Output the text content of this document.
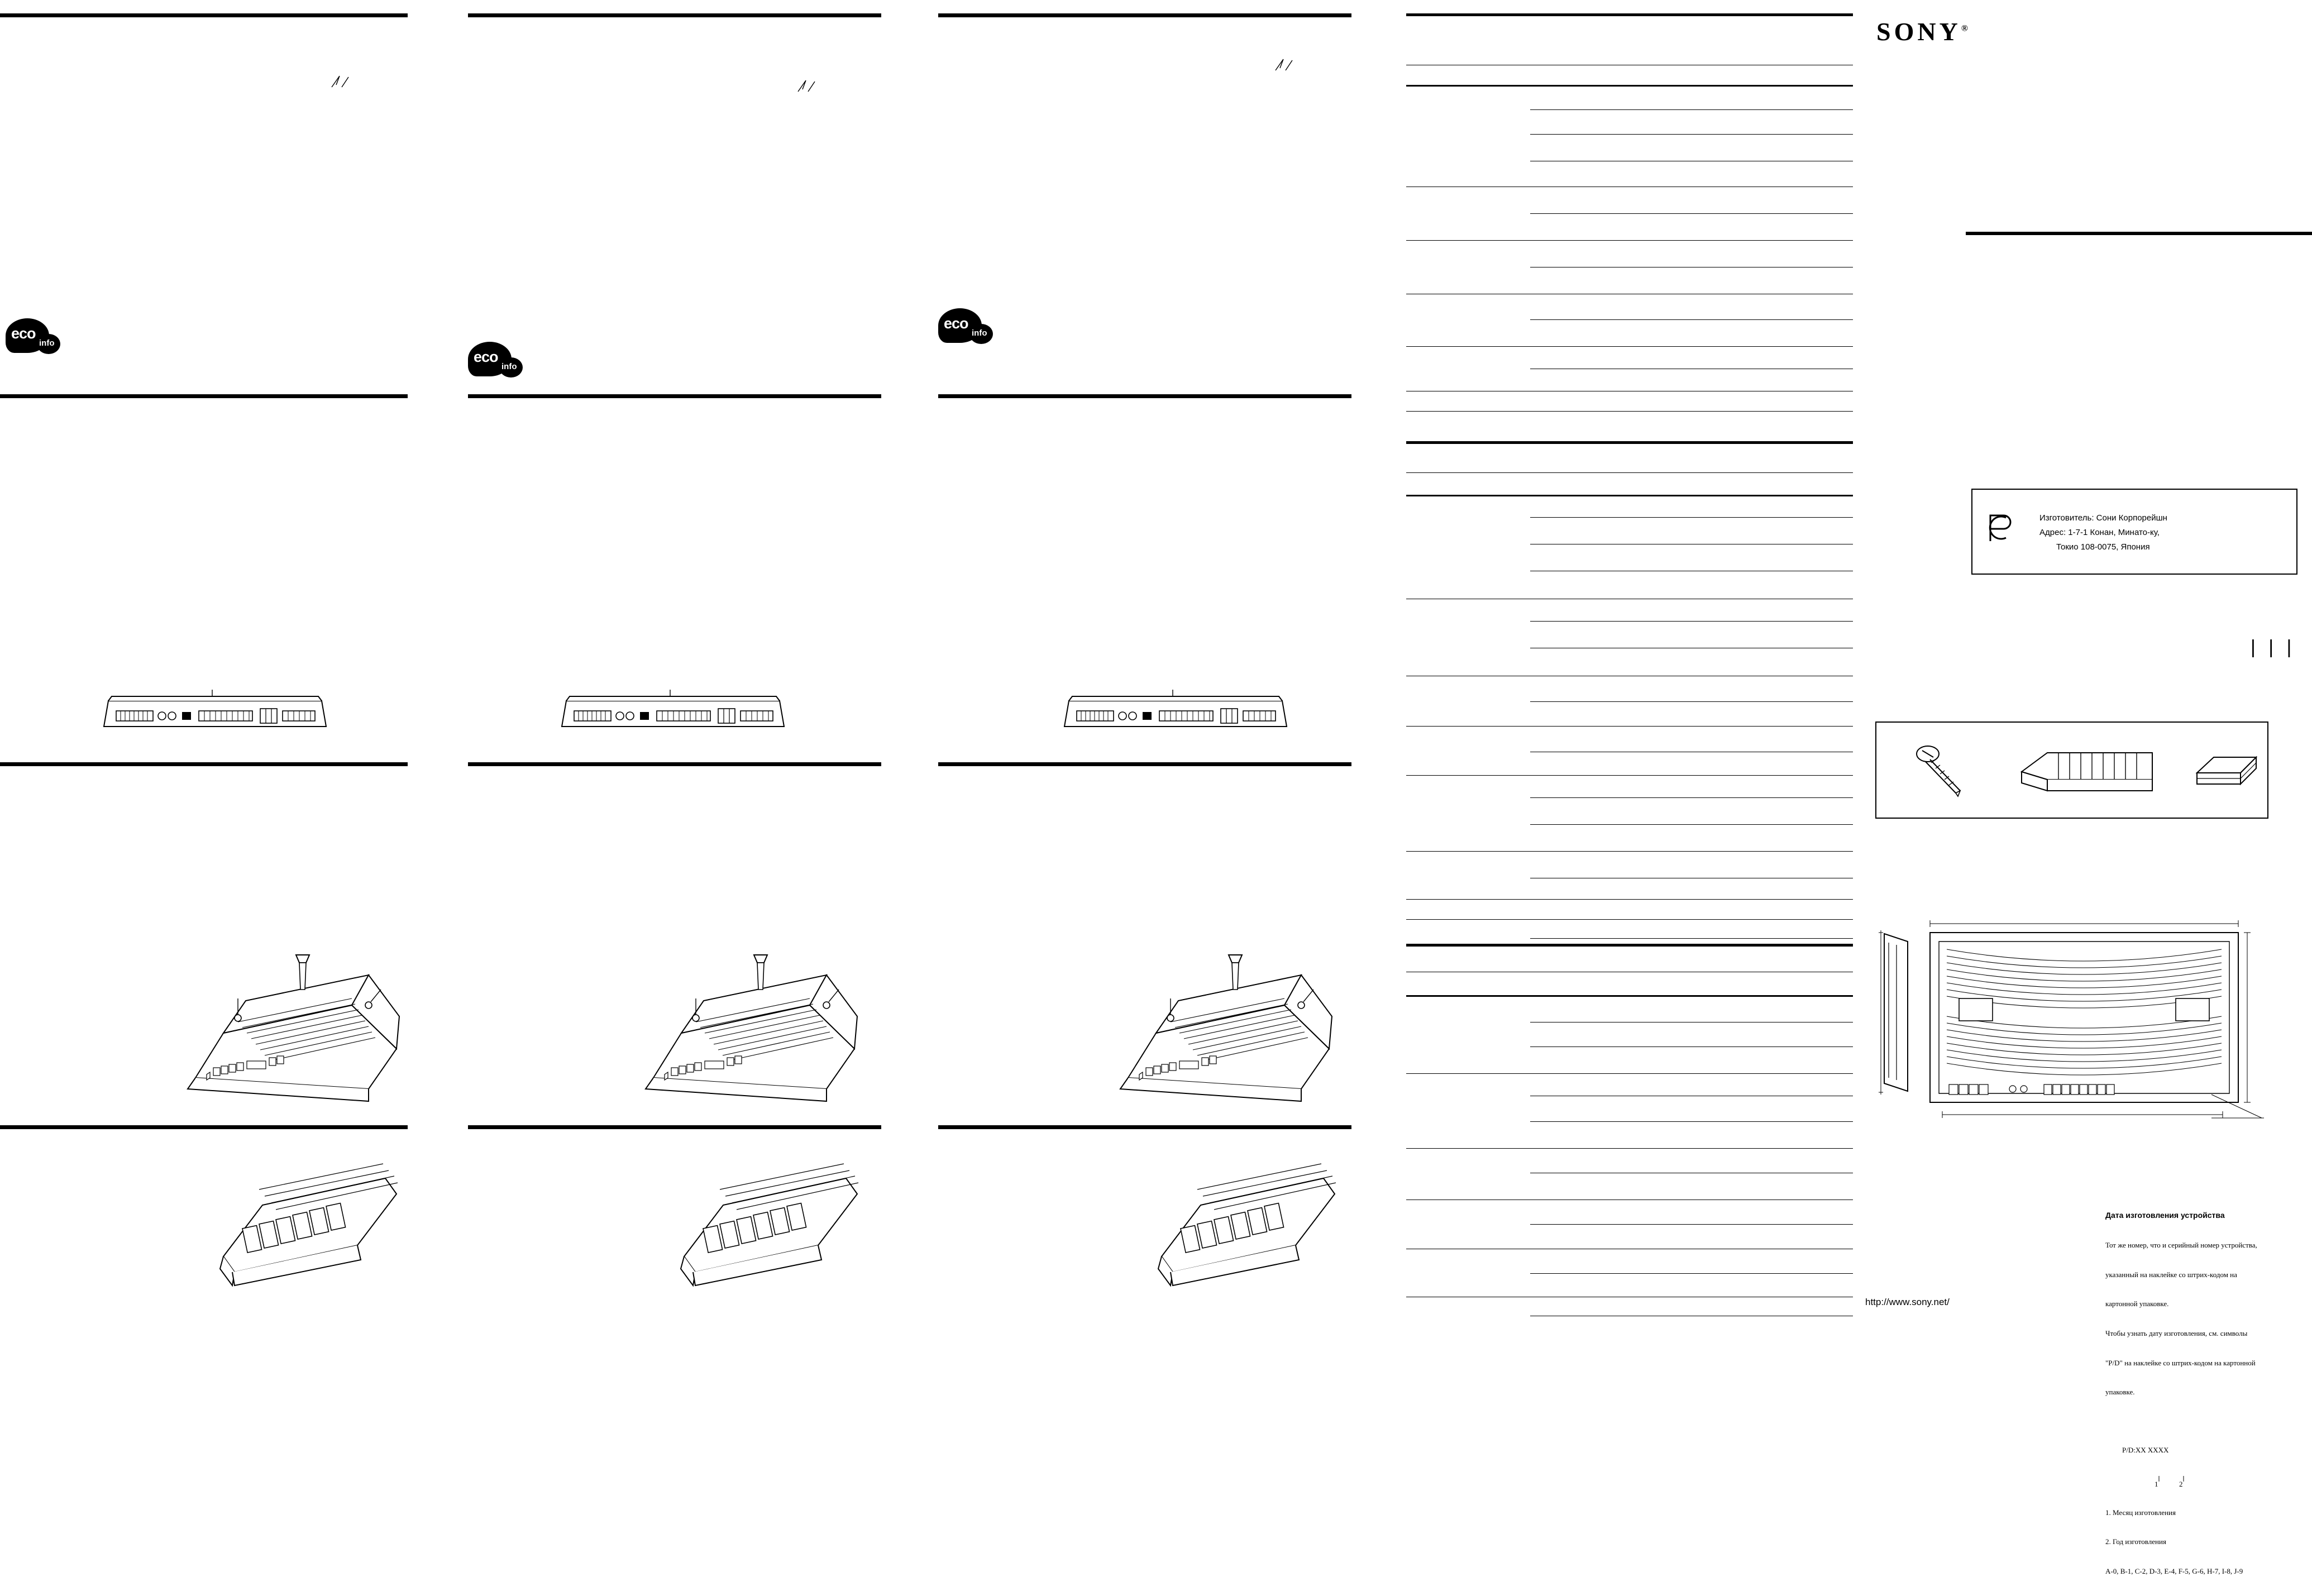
eco
info
eco
info
eco
info
SONY®
Изготовитель: Сони Корпорейшн
Адрес: 1-7-1 Конан, Минато-ку,
Токио 108-0075, Япония
| | |

Дата изготовления устройства

Тот же номер, что и серийный номер устройства,

указанный на наклейке со штрих-кодом на

картонной упаковке.

Чтобы узнать дату изготовления, см. символы

"P/D" на наклейке со штрих-кодом на картонной

упаковке.

P/D:XX XXXX

1

	2

1. Месяц изготовления

2. Год изготовления

A-0, B-1, C-2, D-3, E-4, F-5, G-6, H-7, I-8, J-9

http://www.sony.net/
